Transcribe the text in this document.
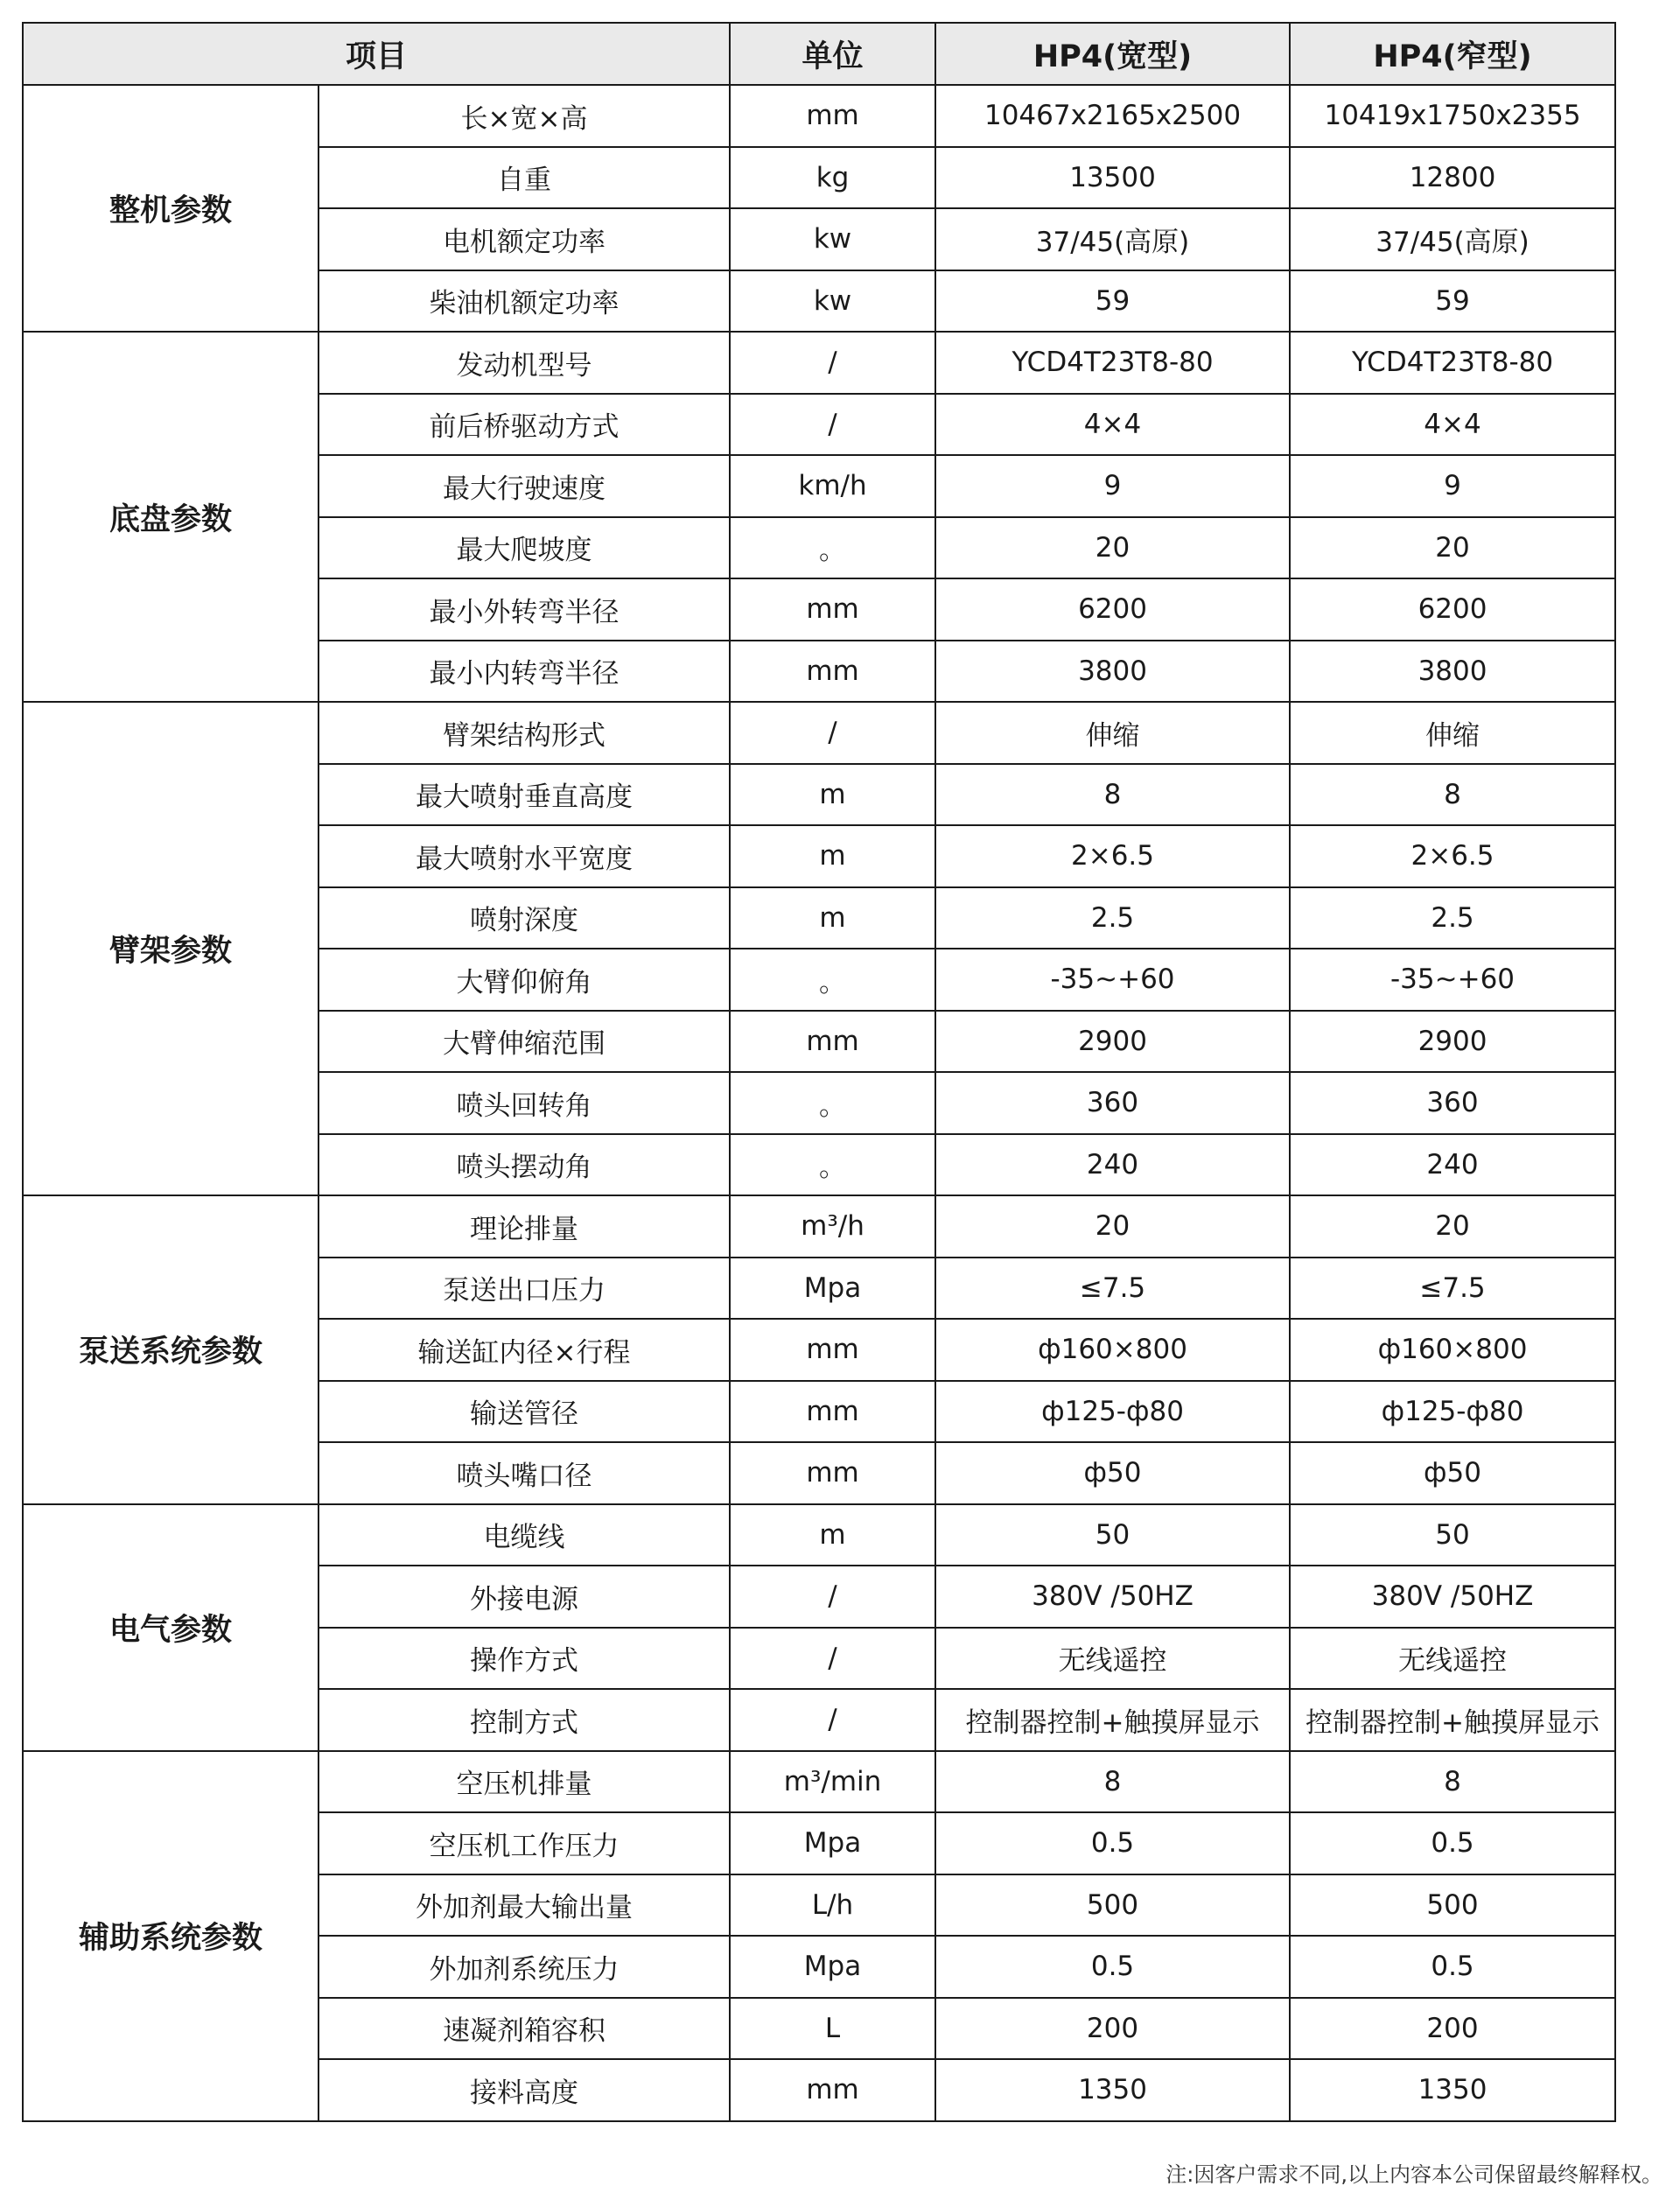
项目		单位	HP4(宽型)	HP4(窄型)
整机参数	长×宽×高	mm	10467x2165x2500	10419x1750x2355
	自重	kg	13500	12800
	电机额定功率	kw	37/45(高原)	37/45(高原)
	柴油机额定功率	kw	59	59
底盘参数	发动机型号	/	YCD4T23T8-80	YCD4T23T8-80
	前后桥驱动方式	/	4×4	4×4
	最大行驶速度	km/h	9	9
	最大爬坡度	。	20	20
	最小外转弯半径	mm	6200	6200
	最小内转弯半径	mm	3800	3800
臂架参数	臂架结构形式	/	伸缩	伸缩
	最大喷射垂直高度	m	8	8
	最大喷射水平宽度	m	2×6.5	2×6.5
	喷射深度	m	2.5	2.5
	大臂仰俯角	。	-35~+60	-35~+60
	大臂伸缩范围	mm	2900	2900
	喷头回转角	。	360	360
	喷头摆动角	。	240	240
泵送系统参数	理论排量	m³/h	20	20
	泵送出口压力	Mpa	≤7.5	≤7.5
	输送缸内径×行程	mm	ф160×800	ф160×800
	输送管径	mm	ф125-ф80	ф125-ф80
	喷头嘴口径	mm	ф50	ф50
电气参数	电缆线	m	50	50
	外接电源	/	380V /50HZ	380V /50HZ
	操作方式	/	无线遥控	无线遥控
	控制方式	/	控制器控制+触摸屏显示	控制器控制+触摸屏显示
辅助系统参数	空压机排量	m³/min	8	8
	空压机工作压力	Mpa	0.5	0.5
	外加剂最大输出量	L/h	500	500
	外加剂系统压力	Mpa	0.5	0.5
	速凝剂箱容积	L	200	200
	接料高度	mm	1350	1350
注:因客户需求不同,以上内容本公司保留最终解释权。
